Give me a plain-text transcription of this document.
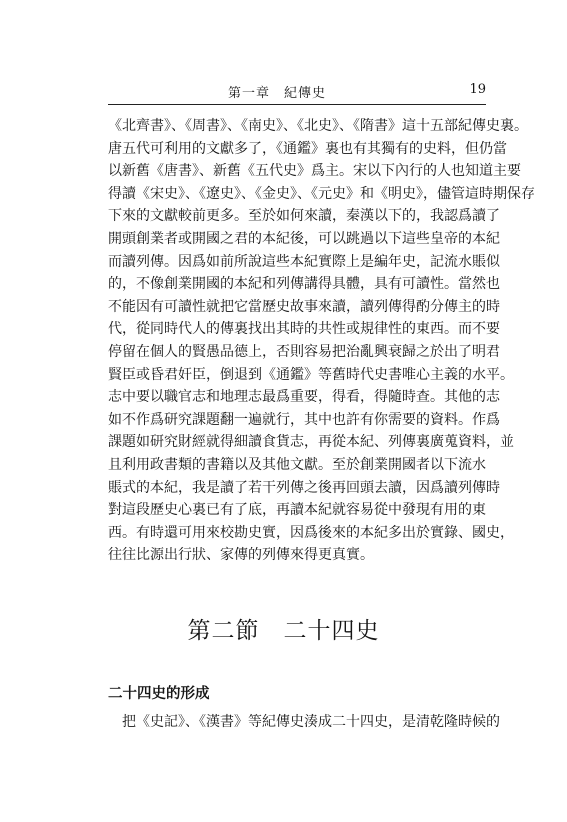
第一章　紀傳史	19
《北齊書》、《周書》、《南史》、《北史》、《隋書》這十五部紀傳史裏。
唐五代可利用的文獻多了，《通鑑》裏也有其獨有的史料，但仍當
以新舊《唐書》、新舊《五代史》爲主。宋以下內行的人也知道主要
得讀《宋史》、《遼史》、《金史》、《元史》和《明史》，儘管這時期保存
下來的文獻較前更多。至於如何來讀，秦漢以下的，我認爲讀了
開頭創業者或開國之君的本紀後，可以跳過以下這些皇帝的本紀
而讀列傳。因爲如前所說這些本紀實際上是編年史，記流水賬似
的，不像創業開國的本紀和列傳講得具體，具有可讀性。當然也
不能因有可讀性就把它當歷史故事來讀，讀列傳得酌分傳主的時
代，從同時代人的傳裏找出其時的共性或規律性的東西。而不要
停留在個人的賢愚品德上，否則容易把治亂興衰歸之於出了明君
賢臣或昏君奸臣，倒退到《通鑑》等舊時代史書唯心主義的水平。
志中要以職官志和地理志最爲重要，得看，得隨時查。其他的志
如不作爲研究課題翻一遍就行，其中也許有你需要的資料。作爲
課題如研究財經就得細讀食貨志，再從本紀、列傳裏廣蒐資料，並
且利用政書類的書籍以及其他文獻。至於創業開國者以下流水
賬式的本紀，我是讀了若干列傳之後再回頭去讀，因爲讀列傳時
對這段歷史心裏已有了底，再讀本紀就容易從中發現有用的東
西。有時還可用來校勘史實，因爲後來的本紀多出於實錄、國史，
往往比源出行狀、家傳的列傳來得更真實。
第二節　二十四史
二十四史的形成
把《史記》、《漢書》等紀傳史湊成二十四史，是清乾隆時候的
